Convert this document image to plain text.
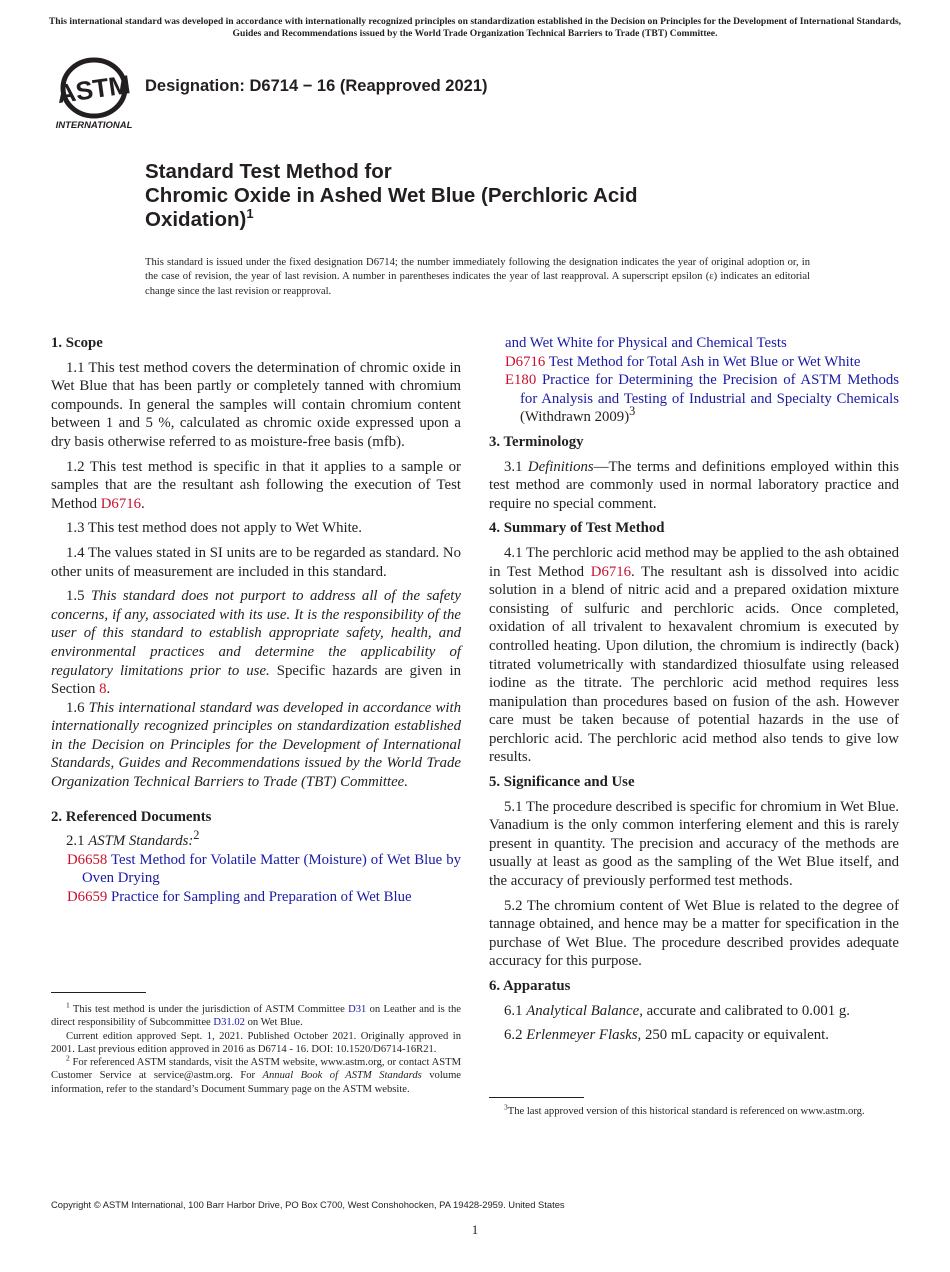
This international standard was developed in accordance with internationally recognized principles on standardization established in the Decision on Principles for the Development of International Standards, Guides and Recommendations issued by the World Trade Organization Technical Barriers to Trade (TBT) Committee.
ASTM
INTERNATIONAL
Designation: D6714 − 16 (Reapproved 2021)
Standard Test Method for
Chromic Oxide in Ashed Wet Blue (Perchloric Acid
Oxidation)$^1$
This standard is issued under the fixed designation D6714; the number immediately following the designation indicates the year of original adoption or, in the case of revision, the year of last revision. A number in parentheses indicates the year of last reapproval. A superscript epsilon (ε) indicates an editorial change since the last revision or reapproval.
1. Scope

1.1 This test method covers the determination of chromic oxide in Wet Blue that has been partly or completely tanned with chromium compounds. In general the samples will contain chromium content between 1 and 5 %, calculated as chromic oxide expressed upon a dry basis otherwise referred to as moisture-free basis (mfb).

1.2 This test method is specific in that it applies to a sample or samples that are the resultant ash following the execution of Test Method D6716.

1.3 This test method does not apply to Wet White.

1.4 The values stated in SI units are to be regarded as standard. No other units of measurement are included in this standard.

1.5 This standard does not purport to address all of the safety concerns, if any, associated with its use. It is the responsibility of the user of this standard to establish appropriate safety, health, and environmental practices and determine the applicability of regulatory limitations prior to use. Specific hazards are given in Section 8.

1.6 This international standard was developed in accordance with internationally recognized principles on standardization established in the Decision on Principles for the Development of International Standards, Guides and Recommendations issued by the World Trade Organization Technical Barriers to Trade (TBT) Committee.

2. Referenced Documents

2.1 ASTM Standards:$^2$

D6658 Test Method for Volatile Matter (Moisture) of Wet Blue by Oven Drying

D6659 Practice for Sampling and Preparation of Wet Blue

$^1$ This test method is under the jurisdiction of ASTM Committee D31 on Leather and is the direct responsibility of Subcommittee D31.02 on Wet Blue.

Current edition approved Sept. 1, 2021. Published October 2021. Originally approved in 2001. Last previous edition approved in 2016 as D6714 - 16. DOI: 10.1520/D6714-16R21.

$^2$ For referenced ASTM standards, visit the ASTM website, www.astm.org, or contact ASTM Customer Service at service@astm.org. For Annual Book of ASTM Standards volume information, refer to the standard’s Document Summary page on the ASTM website.

and Wet White for Physical and Chemical Tests

D6716 Test Method for Total Ash in Wet Blue or Wet White

E180 Practice for Determining the Precision of ASTM Methods for Analysis and Testing of Industrial and Specialty Chemicals (Withdrawn 2009)$^3$

3. Terminology

3.1 Definitions—The terms and definitions employed within this test method are commonly used in normal laboratory practice and require no special comment.

4. Summary of Test Method

4.1 The perchloric acid method may be applied to the ash obtained in Test Method D6716. The resultant ash is dissolved into acidic solution in a blend of nitric acid and a prepared oxidation mixture consisting of sulfuric and perchloric acids. Once completed, oxidation of all trivalent to hexavalent chromium is executed by controlled heating. Upon dilution, the chromium is indirectly (back) titrated volumetrically with standardized thiosulfate using released iodine as the titrate. The perchloric acid method requires less manipulation than procedures based on fusion of the ash. However care must be taken because of potential hazards in the use of perchloric acid. The perchloric acid method also tends to give low results.

5. Significance and Use

5.1 The procedure described is specific for chromium in Wet Blue. Vanadium is the only common interfering element and this is rarely present in quantity. The precision and accuracy of the methods are usually at least as good as the sampling of the Wet Blue itself, and the accuracy of previously performed test methods.

5.2 The chromium content of Wet Blue is related to the degree of tannage obtained, and hence may be a matter for specification in the purchase of Wet Blue. The procedure described provides adequate accuracy for this purpose.

6. Apparatus

6.1 Analytical Balance, accurate and calibrated to 0.001 g.

6.2 Erlenmeyer Flasks, 250 mL capacity or equivalent.

$^3$The last approved version of this historical standard is referenced on www.astm.org.

Copyright © ASTM International, 100 Barr Harbor Drive, PO Box C700, West Conshohocken, PA 19428-2959. United States
1
